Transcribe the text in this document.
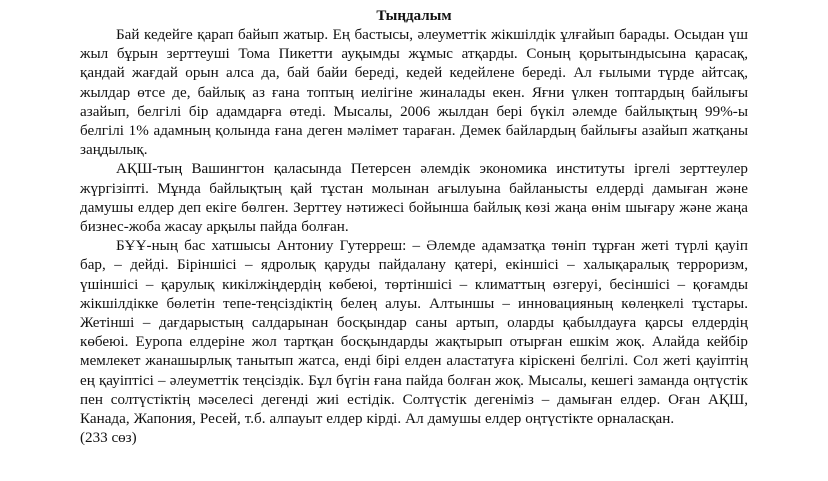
Тыңдалым

Бай кедейге қарап байып жатыр. Ең бастысы, әлеуметтік жікшілдік ұлғайып барады. Осыдан үш жыл бұрын зерттеуші Тома Пикетти ауқымды жұмыс атқарды. Соның қорытындысына қарасақ, қандай жағдай орын алса да, бай байи береді, кедей кедейлене береді. Ал ғылыми түрде айтсақ, жылдар өтсе де, байлық аз ғана топтың иелігіне жиналады екен. Яғни үлкен топтардың байлығы азайып, белгілі бір адамдарға өтеді. Мысалы, 2006 жылдан бері бүкіл әлемде байлықтың 99%-ы белгілі 1% адамның қолында ғана деген мәлімет тараған. Демек байлардың байлығы азайып жатқаны заңдылық.

АҚШ-тың Вашингтон қаласында Петерсен әлемдік экономика институты іргелі зерттеулер жүргізіпті. Мұнда байлықтың қай тұстан молынан ағылуына байланысты елдерді дамыған және дамушы елдер деп екіге бөлген. Зерттеу нәтижесі бойынша байлық көзі жаңа өнім шығару және жаңа бизнес-жоба жасау арқылы пайда болған.

БҰҰ-ның бас хатшысы Антониу Гутерреш: – Әлемде адамзатқа төніп тұрған жеті түрлі қауіп бар, – дейді. Біріншісі – ядролық қаруды пайдалану қатері, екіншісі – халықаралық терроризм, үшіншісі – қарулық кикілжіңдердің көбеюі, төртіншісі – климаттың өзгеруі, бесіншісі – қоғамды жікшілдікке бөлетін тепе-теңсіздіктің белең алуы. Алтыншы – инновацияның көлеңкелі тұстары. Жетінші – дағдарыстың салдарынан босқындар саны артып, оларды қабылдауға қарсы елдердің көбеюі. Еуропа елдеріне жол тартқан босқындарды жақтырып отырған ешкім жоқ. Алайда кейбір мемлекет жанашырлық танытып жатса, енді бірі елден аластатуға кірiскені белгілі. Сол жеті қауіптің ең қауіптісі – әлеуметтік теңсіздік. Бұл бүгін ғана пайда болған жоқ. Мысалы, кешегі заманда оңтүстік пен солтүстіктің мәселесі дегенді жиі естідік. Солтүстік дегеніміз – дамыған елдер. Оған АҚШ, Канада, Жапония, Ресей, т.б. алпауыт елдер кірді. Ал дамушы елдер оңтүстікте орналасқан.

(233 сөз)
